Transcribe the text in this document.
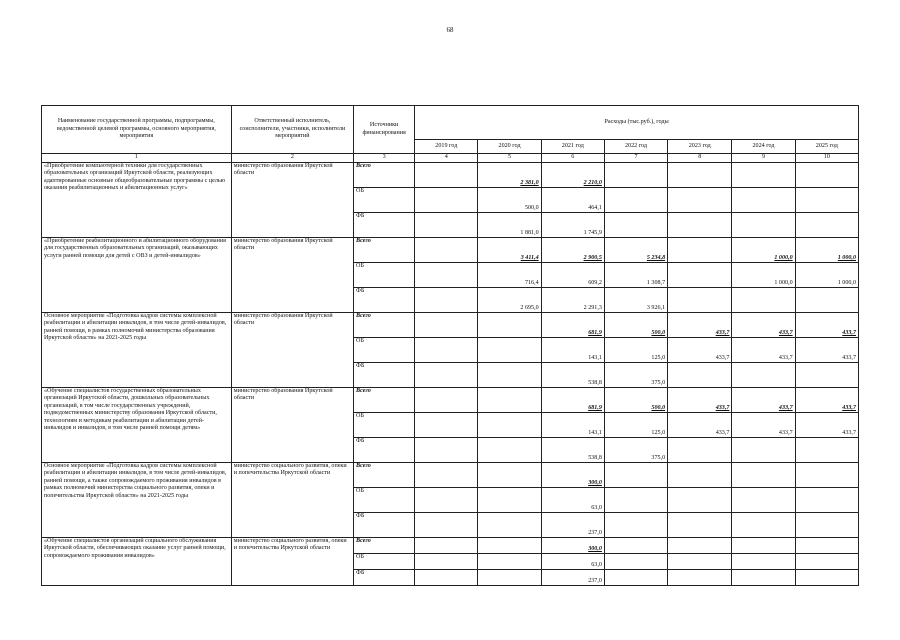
68
Наименование государственной программы, подпрограммы, ведомственной целевой программы, основного мероприятия, мероприятия	Ответственный исполнитель, соисполнители, участники, исполнители мероприятий	Источники финансирования	Расходы (тыс.руб.), годы						
			2019 год	2020 год	2021 год	2022 год	2023 год	2024 год	2025 год
1	2	3	4	5	6	7	8	9	10
«Приобретение компьютерной техники для государственных образовательных организаций Иркутской области, реализующих адаптированные основные общеобразовательные программы с целью оказания реабилитационных и абилитационных услуг»	министерство образования Иркутской области	Всего		2 381,0	2 210,0				
		ОБ		500,0	464,1				
		ФБ		1 881,0	1 745,9				
«Приобретение реабилитационного и абилитационного оборудования для государственных образовательных организаций, оказывающих услуги ранней помощи для детей с ОВЗ и детей-инвалидов»	министерство образования Иркутской области	Всего		3 411,4	2 900,5	5 234,8		1 000,0	1 000,0
		ОБ		716,4	609,2	1 308,7		1 000,0	1 000,0
		ФБ		2 695,0	2 291,3	3 926,1			
Основное мероприятие «Подготовка кадров системы комплексной реабилитации и абилитации инвалидов, в том числе детей-инвалидов, ранней помощи, в рамках полномочий министерства образования Иркутской области» на 2021-2025 годы	министерство образования Иркутской области	Всего			681,9	500,0	433,7	433,7	433,7
		ОБ			143,1	125,0	433,7	433,7	433,7
		ФБ			538,8	375,0			
«Обучение специалистов государственных образовательных организаций Иркутской области, дошкольных образовательных организаций, в том числе государственных учреждений, подведомственных министерству образования Иркутской области, технологиям и методикам реабилитации и абилитации детей-инвалидов и инвалидов, в том числе ранней помощи детям»	министерство образования Иркутской области	Всего			681,9	500,0	433,7	433,7	433,7
		ОБ			143,1	125,0	433,7	433,7	433,7
		ФБ			538,8	375,0			
Основное мероприятие «Подготовка кадров системы комплексной реабилитации и абилитации инвалидов, в том числе детей-инвалидов, ранней помощи, а также сопровождаемого проживания инвалидов в рамках полномочий министерства социального развития, опеки и попечительства Иркутской области» на 2021-2025 годы	министерство социального развития, опеки и попечительства Иркутской области	Всего			300,0				
		ОБ			63,0				
		ФБ			237,0				
«Обучение специалистов организаций социального обслуживания Иркутской области, обеспечивающих оказание услуг ранней помощи, сопровождаемого проживания инвалидов»	министерство социального развития, опеки и попечительства Иркутской области	Всего			300,0				
		ОБ			63,0				
		ФБ			237,0				
